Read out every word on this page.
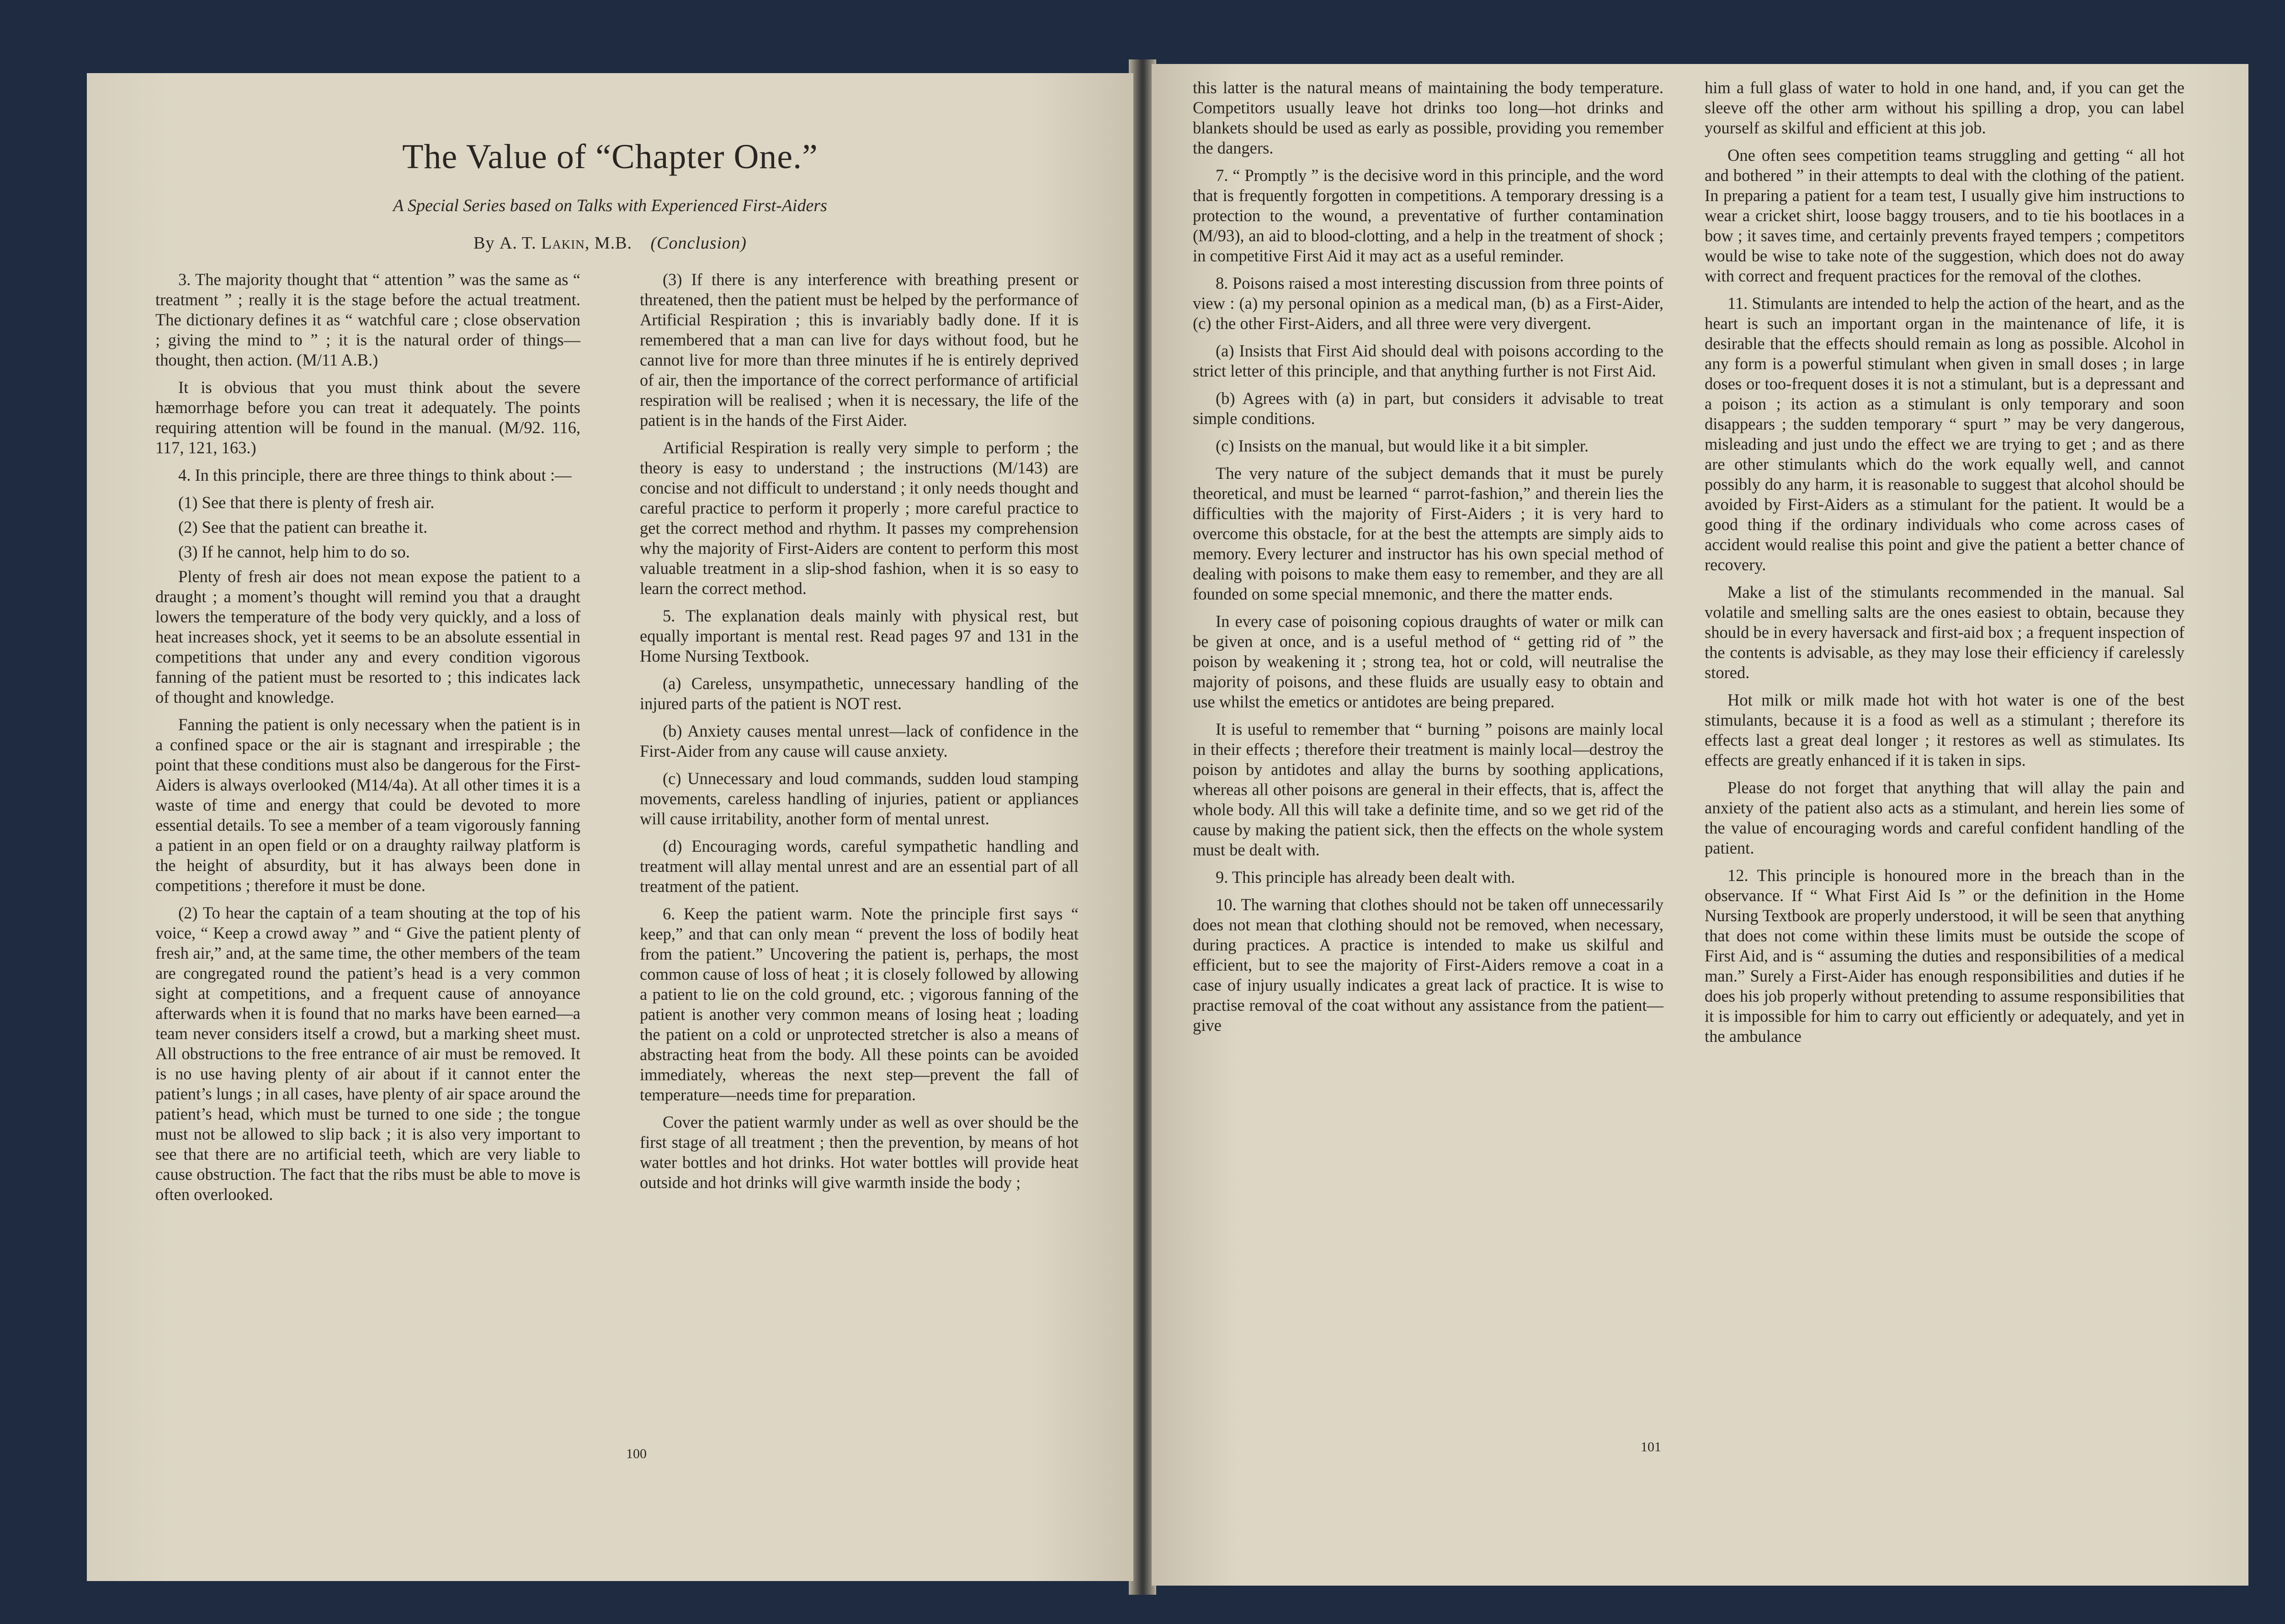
The Value of “Chapter One.”
A Special Series based on Talks with Experienced First-Aiders
By A. T. Lakin, M.B. (Conclusion)

3. The majority thought that “ attention ” was the same as “ treatment ” ; really it is the stage before the actual treatment. The dictionary defines it as “ watchful care ; close observation ; giving the mind to ” ; it is the natural order of things—thought, then action. (M/11 A.B.)

It is obvious that you must think about the severe hæmorrhage before you can treat it adequately. The points requiring attention will be found in the manual. (M/92. 116, 117, 121, 163.)

4. In this principle, there are three things to think about :—

(1) See that there is plenty of fresh air.

(2) See that the patient can breathe it.

(3) If he cannot, help him to do so.

Plenty of fresh air does not mean expose the patient to a draught ; a moment’s thought will remind you that a draught lowers the temperature of the body very quickly, and a loss of heat increases shock, yet it seems to be an absolute essential in competitions that under any and every condition vigorous fanning of the patient must be resorted to ; this indicates lack of thought and knowledge.

Fanning the patient is only necessary when the patient is in a confined space or the air is stagnant and irrespirable ; the point that these conditions must also be dangerous for the First-Aiders is always overlooked (M14/4a). At all other times it is a waste of time and energy that could be devoted to more essential details. To see a member of a team vigorously fanning a patient in an open field or on a draughty railway platform is the height of absurdity, but it has always been done in competitions ; therefore it must be done.

(2) To hear the captain of a team shouting at the top of his voice, “ Keep a crowd away ” and “ Give the patient plenty of fresh air,” and, at the same time, the other members of the team are congregated round the patient’s head is a very common sight at competitions, and a frequent cause of annoyance afterwards when it is found that no marks have been earned—a team never considers itself a crowd, but a marking sheet must. All obstructions to the free entrance of air must be removed. It is no use having plenty of air about if it cannot enter the patient’s lungs ; in all cases, have plenty of air space around the patient’s head, which must be turned to one side ; the tongue must not be allowed to slip back ; it is also very important to see that there are no artificial teeth, which are very liable to cause obstruction. The fact that the ribs must be able to move is often overlooked.

(3) If there is any interference with breathing present or threatened, then the patient must be helped by the performance of Artificial Respiration ; this is invariably badly done. If it is remembered that a man can live for days without food, but he cannot live for more than three minutes if he is entirely deprived of air, then the importance of the correct performance of artificial respiration will be realised ; when it is necessary, the life of the patient is in the hands of the First Aider.

Artificial Respiration is really very simple to perform ; the theory is easy to understand ; the instructions (M/143) are concise and not difficult to understand ; it only needs thought and careful practice to perform it properly ; more careful practice to get the correct method and rhythm. It passes my comprehension why the majority of First-Aiders are content to perform this most valuable treatment in a slip-shod fashion, when it is so easy to learn the correct method.

5. The explanation deals mainly with physical rest, but equally important is mental rest. Read pages 97 and 131 in the Home Nursing Textbook.

(a) Careless, unsympathetic, unnecessary handling of the injured parts of the patient is NOT rest.

(b) Anxiety causes mental unrest—lack of confidence in the First-Aider from any cause will cause anxiety.

(c) Unnecessary and loud commands, sudden loud stamping movements, careless handling of injuries, patient or appliances will cause irritability, another form of mental unrest.

(d) Encouraging words, careful sympathetic handling and treatment will allay mental unrest and are an essential part of all treatment of the patient.

6. Keep the patient warm. Note the principle first says “ keep,” and that can only mean “ prevent the loss of bodily heat from the patient.” Uncovering the patient is, perhaps, the most common cause of loss of heat ; it is closely followed by allowing a patient to lie on the cold ground, etc. ; vigorous fanning of the patient is another very common means of losing heat ; loading the patient on a cold or unprotected stretcher is also a means of abstracting heat from the body. All these points can be avoided immediately, whereas the next step—prevent the fall of temperature—needs time for preparation.

Cover the patient warmly under as well as over should be the first stage of all treatment ; then the prevention, by means of hot water bottles and hot drinks. Hot water bottles will provide heat outside and hot drinks will give warmth inside the body ;

100

this latter is the natural means of maintaining the body temperature. Competitors usually leave hot drinks too long—hot drinks and blankets should be used as early as possible, providing you remember the dangers.

7. “ Promptly ” is the decisive word in this principle, and the word that is frequently forgotten in competitions. A temporary dressing is a protection to the wound, a preventative of further contamination (M/93), an aid to blood-clotting, and a help in the treatment of shock ; in competitive First Aid it may act as a useful reminder.

8. Poisons raised a most interesting discussion from three points of view : (a) my personal opinion as a medical man, (b) as a First-Aider, (c) the other First-Aiders, and all three were very divergent.

(a) Insists that First Aid should deal with poisons according to the strict letter of this principle, and that anything further is not First Aid.

(b) Agrees with (a) in part, but considers it advisable to treat simple conditions.

(c) Insists on the manual, but would like it a bit simpler.

The very nature of the subject demands that it must be purely theoretical, and must be learned “ parrot-fashion,” and therein lies the difficulties with the majority of First-Aiders ; it is very hard to overcome this obstacle, for at the best the attempts are simply aids to memory. Every lecturer and instructor has his own special method of dealing with poisons to make them easy to remember, and they are all founded on some special mnemonic, and there the matter ends.

In every case of poisoning copious draughts of water or milk can be given at once, and is a useful method of “ getting rid of ” the poison by weakening it ; strong tea, hot or cold, will neutralise the majority of poisons, and these fluids are usually easy to obtain and use whilst the emetics or antidotes are being prepared.

It is useful to remember that “ burning ” poisons are mainly local in their effects ; therefore their treatment is mainly local—destroy the poison by antidotes and allay the burns by soothing applications, whereas all other poisons are general in their effects, that is, affect the whole body. All this will take a definite time, and so we get rid of the cause by making the patient sick, then the effects on the whole system must be dealt with.

9. This principle has already been dealt with.

10. The warning that clothes should not be taken off unnecessarily does not mean that clothing should not be removed, when necessary, during practices. A practice is intended to make us skilful and efficient, but to see the majority of First-Aiders remove a coat in a case of injury usually indicates a great lack of practice. It is wise to practise removal of the coat without any assistance from the patient—give

him a full glass of water to hold in one hand, and, if you can get the sleeve off the other arm without his spilling a drop, you can label yourself as skilful and efficient at this job.

One often sees competition teams struggling and getting “ all hot and bothered ” in their attempts to deal with the clothing of the patient. In preparing a patient for a team test, I usually give him instructions to wear a cricket shirt, loose baggy trousers, and to tie his bootlaces in a bow ; it saves time, and certainly prevents frayed tempers ; competitors would be wise to take note of the suggestion, which does not do away with correct and frequent practices for the removal of the clothes.

11. Stimulants are intended to help the action of the heart, and as the heart is such an important organ in the maintenance of life, it is desirable that the effects should remain as long as possible. Alcohol in any form is a powerful stimulant when given in small doses ; in large doses or too-frequent doses it is not a stimulant, but is a depressant and a poison ; its action as a stimulant is only temporary and soon disappears ; the sudden temporary “ spurt ” may be very dangerous, misleading and just undo the effect we are trying to get ; and as there are other stimulants which do the work equally well, and cannot possibly do any harm, it is reasonable to suggest that alcohol should be avoided by First-Aiders as a stimulant for the patient. It would be a good thing if the ordinary individuals who come across cases of accident would realise this point and give the patient a better chance of recovery.

Make a list of the stimulants recommended in the manual. Sal volatile and smelling salts are the ones easiest to obtain, because they should be in every haversack and first-aid box ; a frequent inspection of the contents is advisable, as they may lose their efficiency if carelessly stored.

Hot milk or milk made hot with hot water is one of the best stimulants, because it is a food as well as a stimulant ; therefore its effects last a great deal longer ; it restores as well as stimulates. Its effects are greatly enhanced if it is taken in sips.

Please do not forget that anything that will allay the pain and anxiety of the patient also acts as a stimulant, and herein lies some of the value of encouraging words and careful confident handling of the patient.

12. This principle is honoured more in the breach than in the observance. If “ What First Aid Is ” or the definition in the Home Nursing Textbook are properly understood, it will be seen that anything that does not come within these limits must be outside the scope of First Aid, and is “ assuming the duties and responsibilities of a medical man.” Surely a First-Aider has enough responsibilities and duties if he does his job properly without pretending to assume responsibilities that it is impossible for him to carry out efficiently or adequately, and yet in the ambulance

101
